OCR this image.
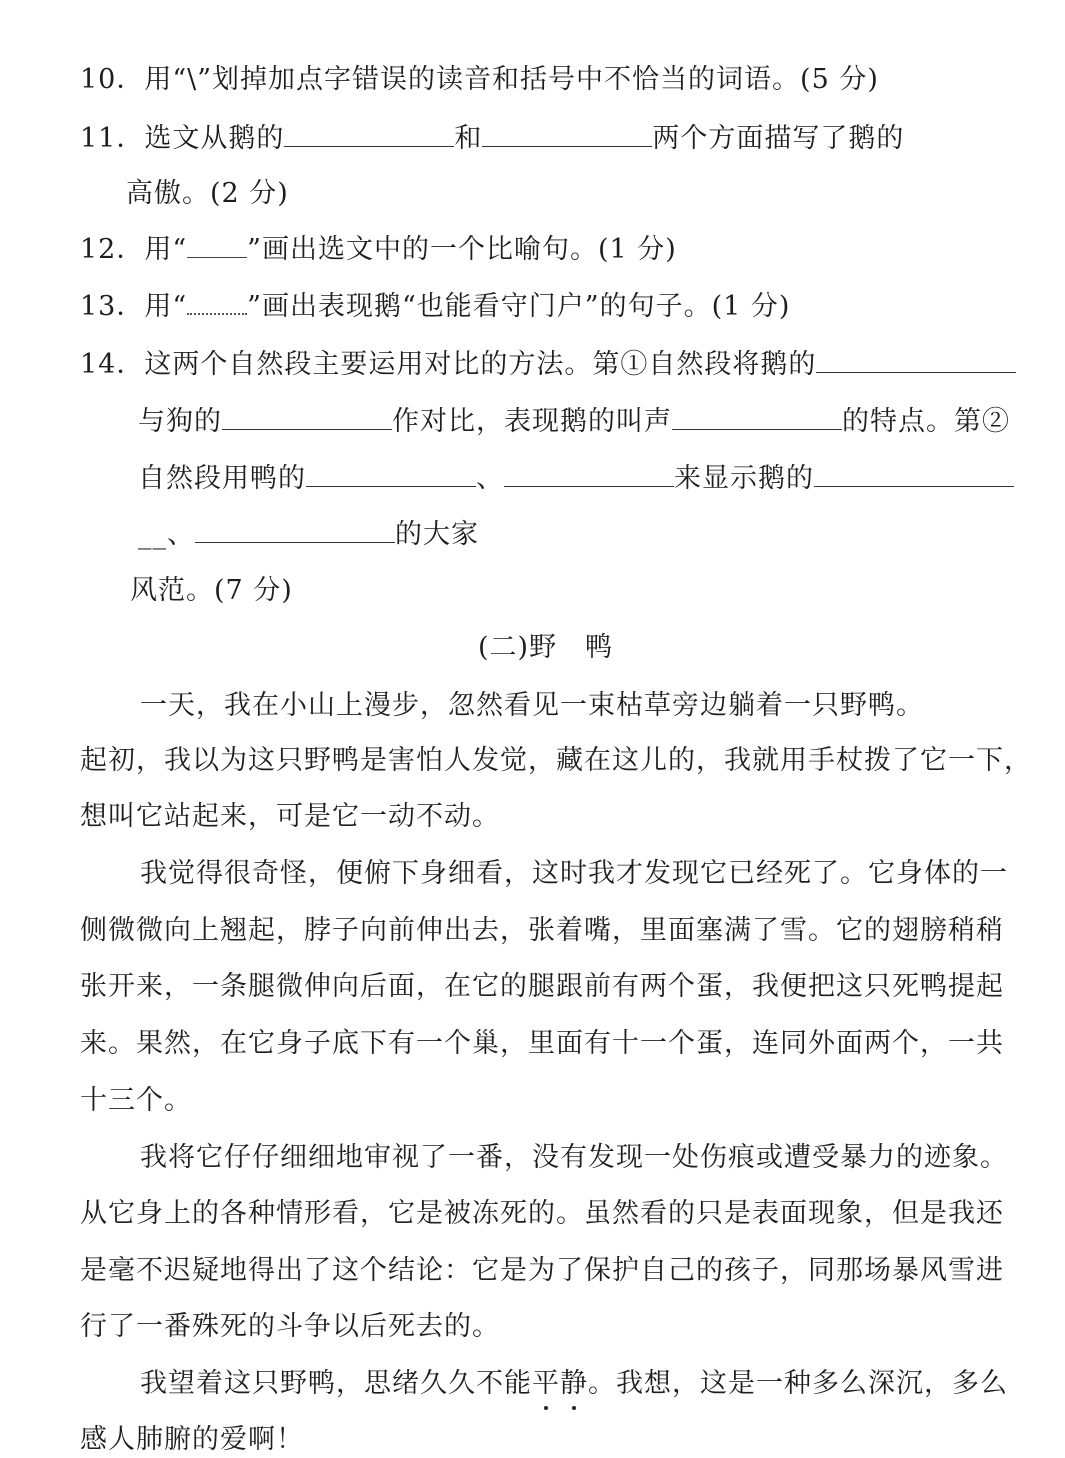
10．用“\”划掉加点字错误的读音和括号中不恰当的词语。(5 分)
11．选文从鹅的	和	两个方面描写了鹅的
高傲。(2 分)
12．用“ ”画出选文中的一个比喻句。(1 分)
13．用“ ”画出表现鹅“也能看守门户”的句子。(1 分)
14．这两个自然段主要运用对比的方法。第①自然段将鹅的
与狗的	作对比，表现鹅的叫声	的特点。第②
自然段用鸭的	、	来显示鹅的
__、	的大家
风范。(7 分)
(二)野　鸭
一天，我在小山上漫步，忽然看见一束枯草旁边躺着一只野鸭。
起初，我以为这只野鸭是害怕人发觉，藏在这儿的，我就用手杖拨了它一下，
想叫它站起来，可是它一动不动。
我觉得很奇怪，便俯下身细看，这时我才发现它已经死了。它身体的一
侧微微向上翘起，脖子向前伸出去，张着嘴，里面塞满了雪。它的翅膀稍稍
张开来，一条腿微伸向后面，在它的腿跟前有两个蛋，我便把这只死鸭提起
来。果然，在它身子底下有一个巢，里面有十一个蛋，连同外面两个，一共
十三个。
我将它仔仔细细地审视了一番，没有发现一处伤痕或遭受暴力的迹象。
从它身上的各种情形看，它是被冻死的。虽然看的只是表面现象，但是我还
是毫不迟疑地得出了这个结论：它是为了保护自己的孩子，同那场暴风雪进
行了一番殊死的斗争以后死去的。
我望着这只野鸭，思绪久久不能平静。我想，这是一种多么深沉，多么
感人肺腑的爱啊！
